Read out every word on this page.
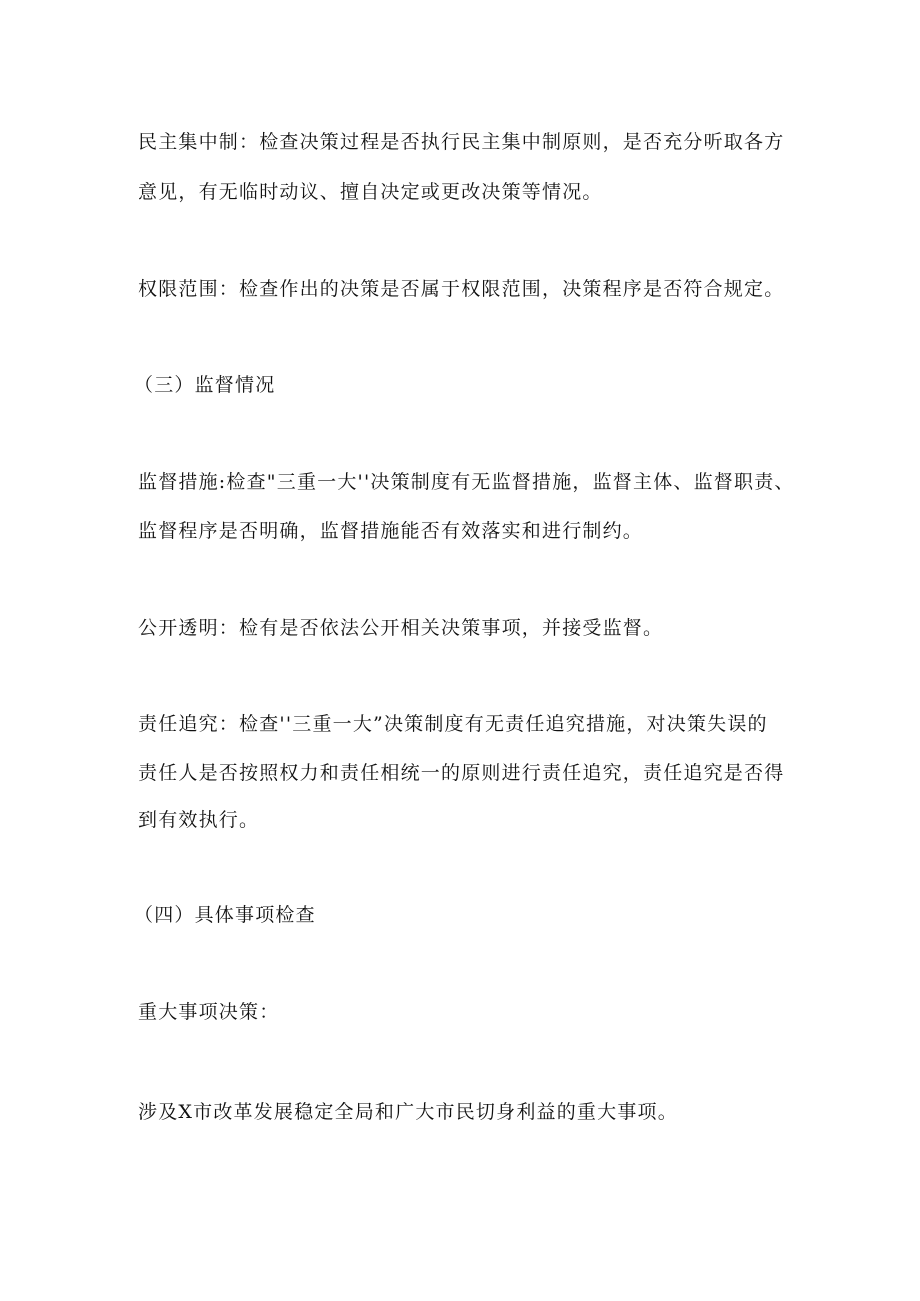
民主集中制：检查决策过程是否执行民主集中制原则，是否充分听取各方
意见，有无临时动议、擅自决定或更改决策等情况。
权限范围：检查作出的决策是否属于权限范围，决策程序是否符合规定。
（三）监督情况
监督措施:检查"三重一大''决策制度有无监督措施，监督主体、监督职责、
监督程序是否明确，监督措施能否有效落实和进行制约。
公开透明：检有是否依法公开相关决策事项，并接受监督。
责任追究：检查''三重一大”决策制度有无责任追究措施，对决策失误的
责任人是否按照权力和责任相统一的原则进行责任追究，责任追究是否得
到有效执行。
（四）具体事项检查
重大事项决策：
涉及X市改革发展稳定全局和广大市民切身利益的重大事项。
